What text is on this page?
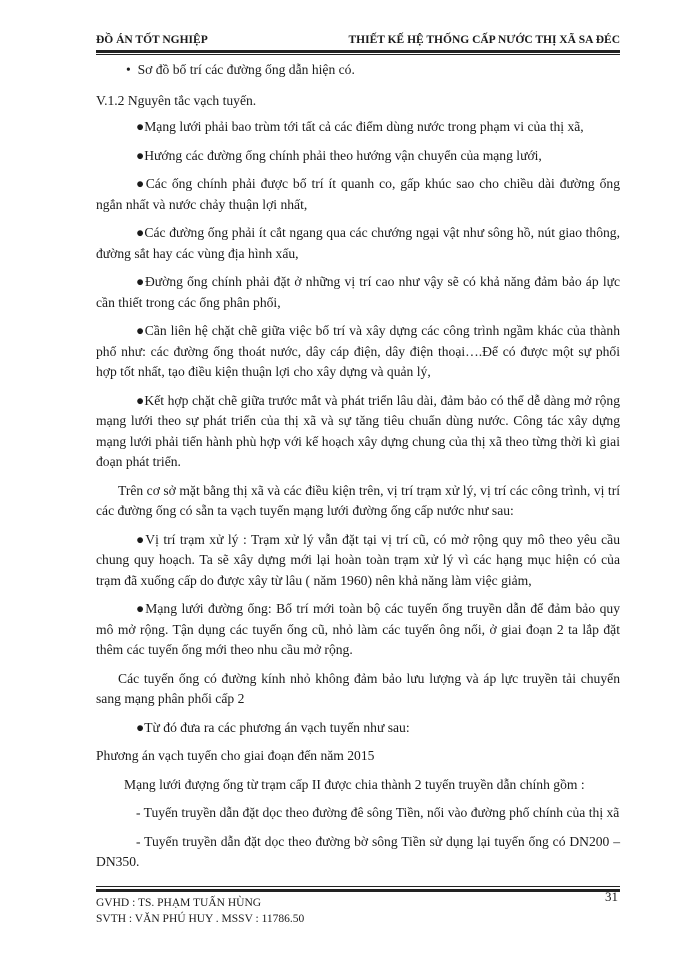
ĐỒ ÁN TỐT NGHIỆP	THIẾT KẾ HỆ THỐNG CẤP NƯỚC THỊ XÃ SA ĐÉC

•  Sơ đồ bố trí các đường ống dẫn hiện có.

V.1.2 Nguyên tắc vạch tuyến.

●Mạng lưới phải bao trùm tới tất cả các điểm dùng nước trong phạm vi của thị xã,

●Hướng các đường ống chính phải theo hướng vận chuyển của mạng lưới,

●Các ống chính phải được bố trí ít quanh co, gấp khúc sao cho chiều dài đường ống ngắn nhất và nước chảy thuận lợi nhất,

●Các đường ống phải ít cắt ngang qua các chướng ngại vật như sông hồ, nút giao thông, đường sắt hay các vùng địa hình xấu,

●Đường ống chính phải đặt ở những vị trí cao như vậy sẽ có khả năng đảm bảo áp lực cần thiết trong các ống phân phối,

●Cần liên hệ chặt chẽ giữa việc bố trí và xây dựng các công trình ngầm khác của thành phố như: các đường ống thoát nước, dây cáp điện, dây điện thoại….Để có được một sự phối hợp tốt nhất, tạo điều kiện thuận lợi cho xây dựng và quản lý,

●Kết hợp chặt chẽ giữa trước mắt và phát triển lâu dài, đảm bảo có thể dễ dàng mở rộng mạng lưới theo sự phát triển của thị xã và sự tăng tiêu chuẩn dùng nước. Công tác xây dựng mạng lưới phải tiến hành phù hợp với kế hoạch xây dựng chung của thị xã theo từng thời kì giai đoạn phát triển.

Trên cơ sở mặt bằng thị xã và các điều kiện trên, vị trí trạm xử lý, vị trí các công trình, vị trí các đường ống có sẵn ta vạch tuyến mạng lưới đường ống cấp nước như sau:

●Vị trí trạm xử lý : Trạm xử lý vẫn đặt tại vị trí cũ, có mở rộng quy mô theo yêu cầu chung quy hoạch. Ta sẽ xây dựng mới lại hoàn toàn trạm xử lý vì các hạng mục hiện có của trạm đã xuống cấp do được xây từ lâu ( năm 1960) nên khả năng làm việc giảm,

●Mạng lưới đường ống: Bố trí mới toàn bộ các tuyến ống truyền dẫn để đảm bảo quy mô mở rộng. Tận dụng các tuyến ống cũ, nhỏ làm các tuyến ông nối, ở giai đoạn 2 ta lắp đặt thêm các tuyến ống mới theo nhu cầu mở rộng.

Các tuyến ống có đường kính nhỏ không đảm bảo lưu lượng và áp lực truyền tải chuyển sang mạng phân phối cấp 2

●Từ đó đưa ra các phương án vạch tuyến như sau:

Phương án vạch tuyến cho giai đoạn đến năm 2015

Mạng lưới đượng ống từ trạm cấp II được chia thành 2 tuyến truyền dẫn chính gồm :

- Tuyến truyền dẫn đặt dọc theo đường đê sông Tiền, nối vào đường phố chính của thị xã

- Tuyến truyền dẫn đặt dọc theo đường bờ sông Tiền sử dụng lại tuyến ống có DN200 – DN350.

GVHD : TS. PHẠM TUẤN HÙNG
SVTH : VĂN PHÚ HUY . MSSV : 11786.50
31
